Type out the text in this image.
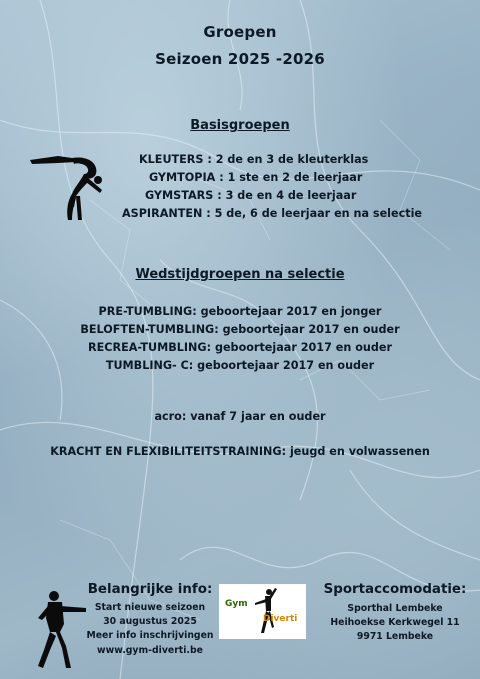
Groepen
Seizoen 2025 -2026
Basisgroepen
KLEUTERS : 2 de en 3 de kleuterklas
GYMTOPIA : 1 ste en 2 de leerjaar
GYMSTARS : 3 de en 4 de leerjaar
ASPIRANTEN : 5 de, 6 de leerjaar en na selectie
Wedstijdgroepen na selectie
PRE-TUMBLING: geboortejaar 2017 en jonger
BELOFTEN-TUMBLING: geboortejaar 2017 en ouder
RECREA-TUMBLING: geboortejaar 2017 en ouder
TUMBLING- C: geboortejaar 2017 en ouder
acro: vanaf 7 jaar en ouder
KRACHT EN FLEXIBILITEITSTRAINING: jeugd en volwassenen
Belangrijke info:
Start nieuwe seizoen
30 augustus 2025
Meer info inschrijvingen
www.gym-diverti.be
Gym
Diverti
Sportaccomodatie:
Sporthal Lembeke
Heihoekse Kerkwegel 11
9971 Lembeke
